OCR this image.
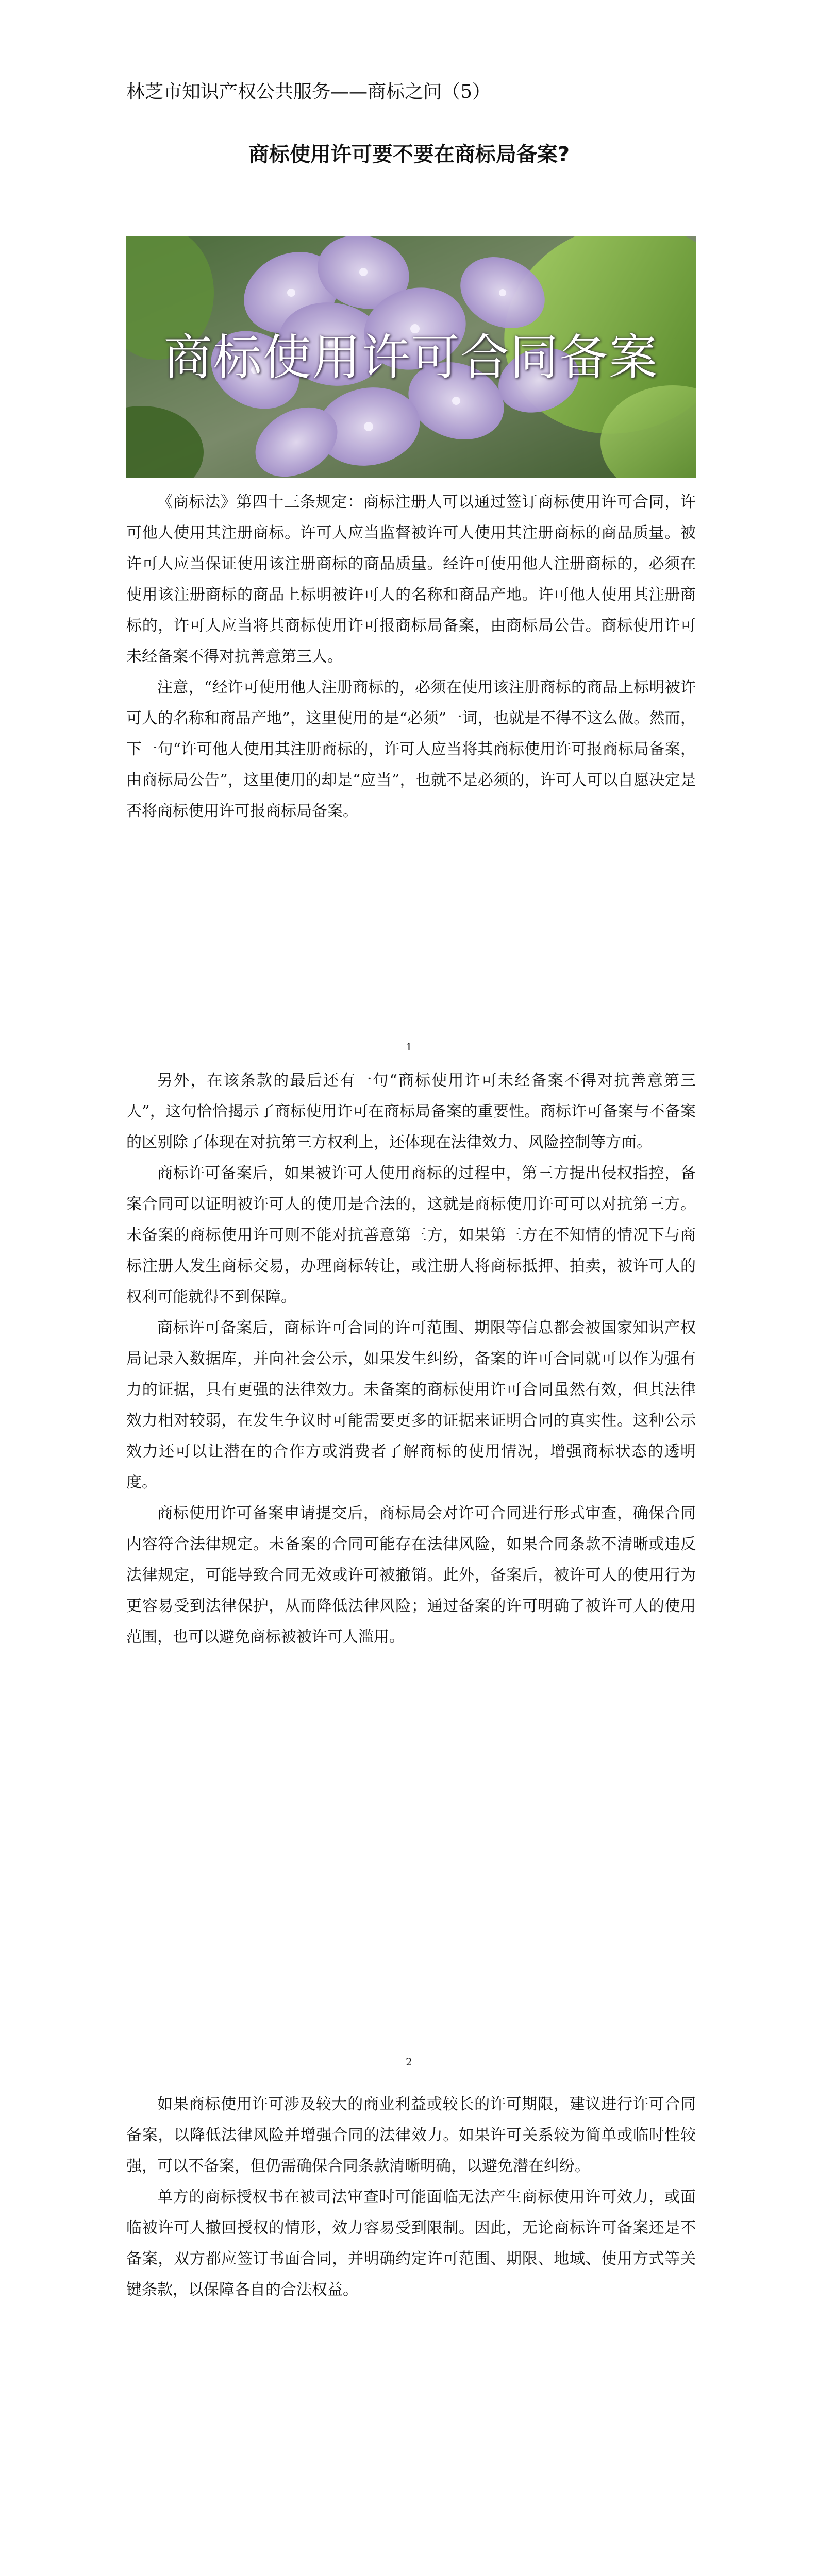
林芝市知识产权公共服务——商标之问（5）
商标使用许可要不要在商标局备案?
商标使用许可合同备案

《商标法》第四十三条规定：商标注册人可以通过签订商标使用许可合同，许可他人使用其注册商标。许可人应当监督被许可人使用其注册商标的商品质量。被许可人应当保证使用该注册商标的商品质量。经许可使用他人注册商标的，必须在使用该注册商标的商品上标明被许可人的名称和商品产地。许可他人使用其注册商标的，许可人应当将其商标使用许可报商标局备案，由商标局公告。商标使用许可未经备案不得对抗善意第三人。

注意，“经许可使用他人注册商标的，必须在使用该注册商标的商品上标明被许可人的名称和商品产地”，这里使用的是“必须”一词，也就是不得不这么做。然而，下一句“许可他人使用其注册商标的，许可人应当将其商标使用许可报商标局备案，由商标局公告”，这里使用的却是“应当”，也就不是必须的，许可人可以自愿决定是否将商标使用许可报商标局备案。

1

另外，在该条款的最后还有一句“商标使用许可未经备案不得对抗善意第三人”，这句恰恰揭示了商标使用许可在商标局备案的重要性。商标许可备案与不备案的区别除了体现在对抗第三方权利上，还体现在法律效力、风险控制等方面。

商标许可备案后，如果被许可人使用商标的过程中，第三方提出侵权指控，备案合同可以证明被许可人的使用是合法的，这就是商标使用许可可以对抗第三方。未备案的商标使用许可则不能对抗善意第三方，如果第三方在不知情的情况下与商标注册人发生商标交易，办理商标转让，或注册人将商标抵押、拍卖，被许可人的权利可能就得不到保障。

商标许可备案后，商标许可合同的许可范围、期限等信息都会被国家知识产权局记录入数据库，并向社会公示，如果发生纠纷，备案的许可合同就可以作为强有力的证据，具有更强的法律效力。未备案的商标使用许可合同虽然有效，但其法律效力相对较弱，在发生争议时可能需要更多的证据来证明合同的真实性。这种公示效力还可以让潜在的合作方或消费者了解商标的使用情况，增强商标状态的透明度。

商标使用许可备案申请提交后，商标局会对许可合同进行形式审查，确保合同内容符合法律规定。未备案的合同可能存在法律风险，如果合同条款不清晰或违反法律规定，可能导致合同无效或许可被撤销。此外，备案后，被许可人的使用行为更容易受到法律保护，从而降低法律风险；通过备案的许可明确了被许可人的使用范围，也可以避免商标被被许可人滥用。

2

如果商标使用许可涉及较大的商业利益或较长的许可期限，建议进行许可合同备案，以降低法律风险并增强合同的法律效力。如果许可关系较为简单或临时性较强，可以不备案，但仍需确保合同条款清晰明确，以避免潜在纠纷。

单方的商标授权书在被司法审查时可能面临无法产生商标使用许可效力，或面临被许可人撤回授权的情形，效力容易受到限制。因此，无论商标许可备案还是不备案，双方都应签订书面合同，并明确约定许可范围、期限、地域、使用方式等关键条款，以保障各自的合法权益。
